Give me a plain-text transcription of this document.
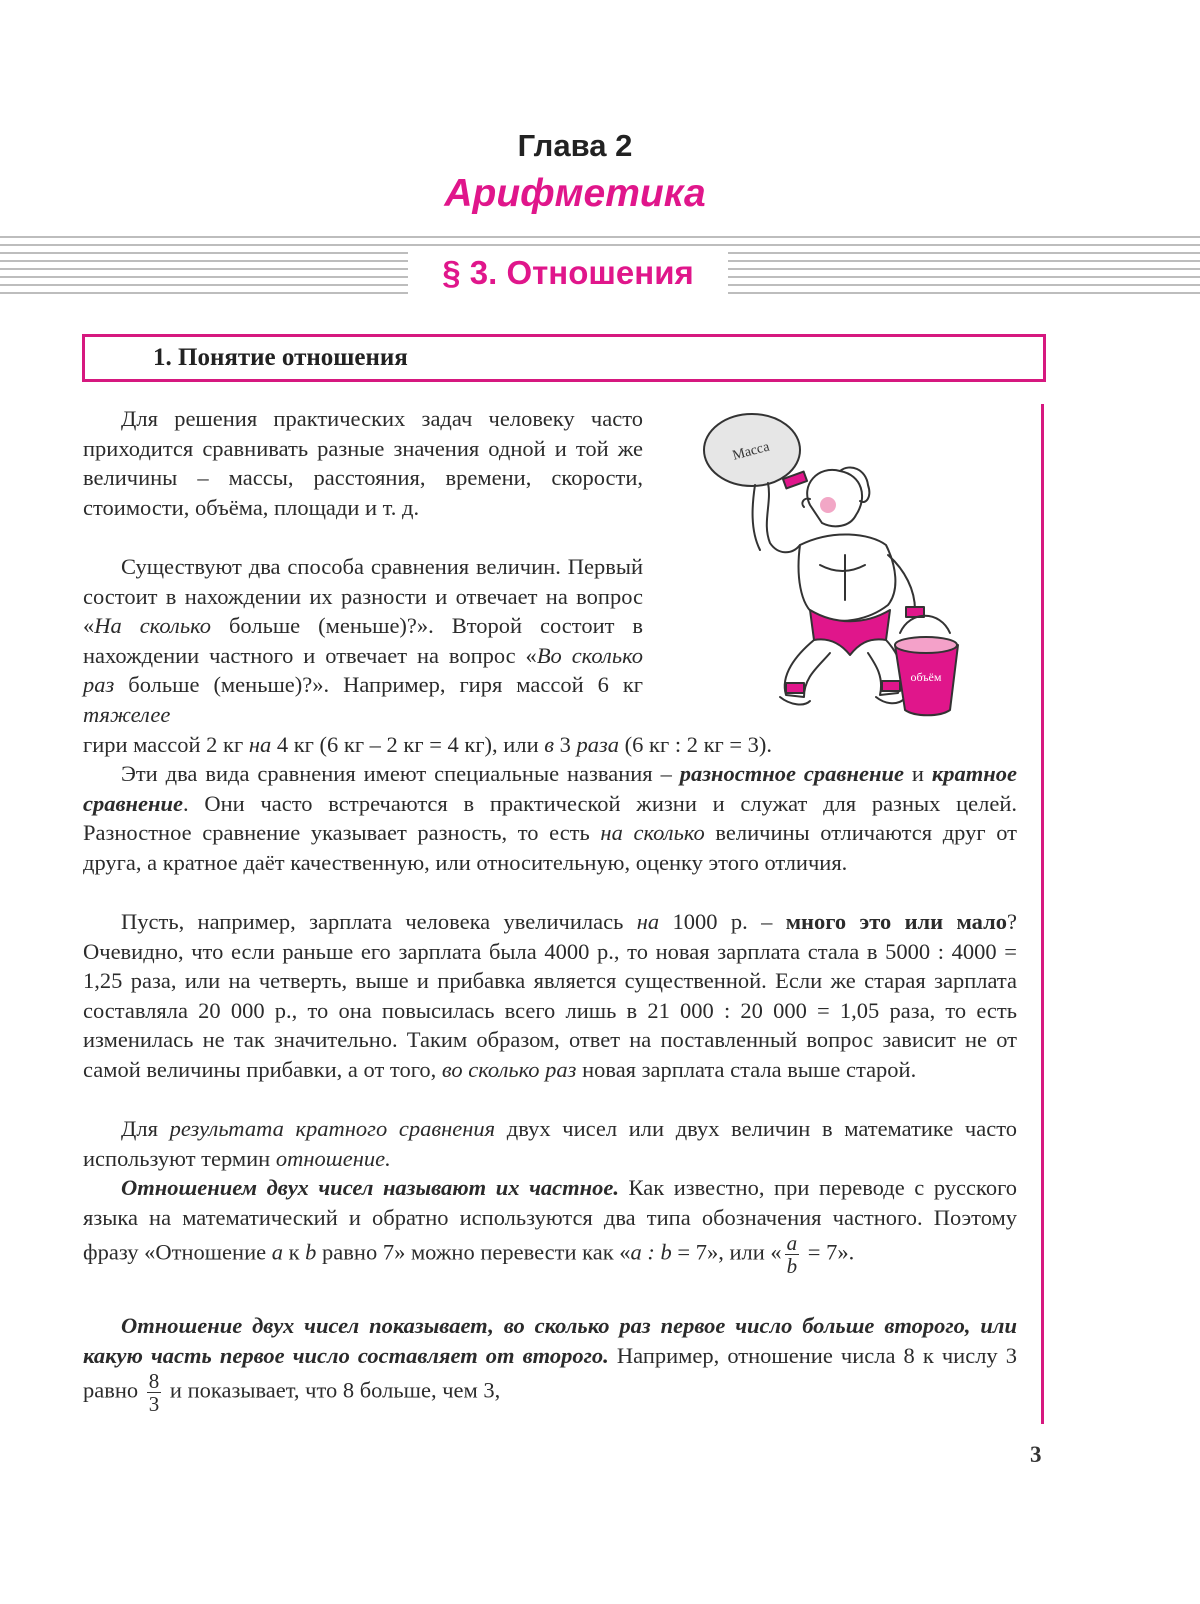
Глава 2
Арифметика
§ 3. Отношения
1. Понятие отношения
Масса
объём
Для решения практических задач человеку часто приходится сравнивать разные значения одной и той же величины – массы, расстояния, времени, скорости, стоимости, объёма, площади и т. д.
Существуют два способа сравнения величин. Первый состоит в нахождении их разности и отвечает на вопрос «На сколько больше (меньше)?». Второй состоит в нахождении частного и отвечает на вопрос «Во сколько раз больше (меньше)?». Например, гиря массой 6 кг тяжелее
гири массой 2 кг на 4 кг (6 кг – 2 кг = 4 кг), или в 3 раза (6 кг : 2 кг = 3).
Эти два вида сравнения имеют специальные названия – разностное сравнение и кратное сравнение. Они часто встречаются в практической жизни и служат для разных целей. Разностное сравнение указывает разность, то есть на сколько величины отличаются друг от друга, а кратное даёт качественную, или относительную, оценку этого отличия.
Пусть, например, зарплата человека увеличилась на 1000 р. – много это или мало? Очевидно, что если раньше его зарплата была 4000 р., то новая зарплата стала в 5000 : 4000 = 1,25 раза, или на четверть, выше и прибавка является существенной. Если же старая зарплата составляла 20 000 р., то она повысилась всего лишь в 21 000 : 20 000 = 1,05 раза, то есть изменилась не так значительно. Таким образом, ответ на поставленный вопрос зависит не от самой величины прибавки, а от того, во сколько раз новая зарплата стала выше старой.
Для результата кратного сравнения двух чисел или двух величин в математике часто используют термин отношение.
Отношением двух чисел называют их частное. Как известно, при переводе с русского языка на математический и обратно используются два типа обозначения частного. Поэтому фразу «Отношение a к b равно 7» можно перевести как «a : b = 7», или « $\frac{a}{b} = 7$».
Отношение двух чисел показывает, во сколько раз первое число больше второго, или какую часть первое число составляет от второго. Например, отношение числа 8 к числу 3 равно $\frac{8}{3}$ и показывает, что 8 больше, чем 3,
3
